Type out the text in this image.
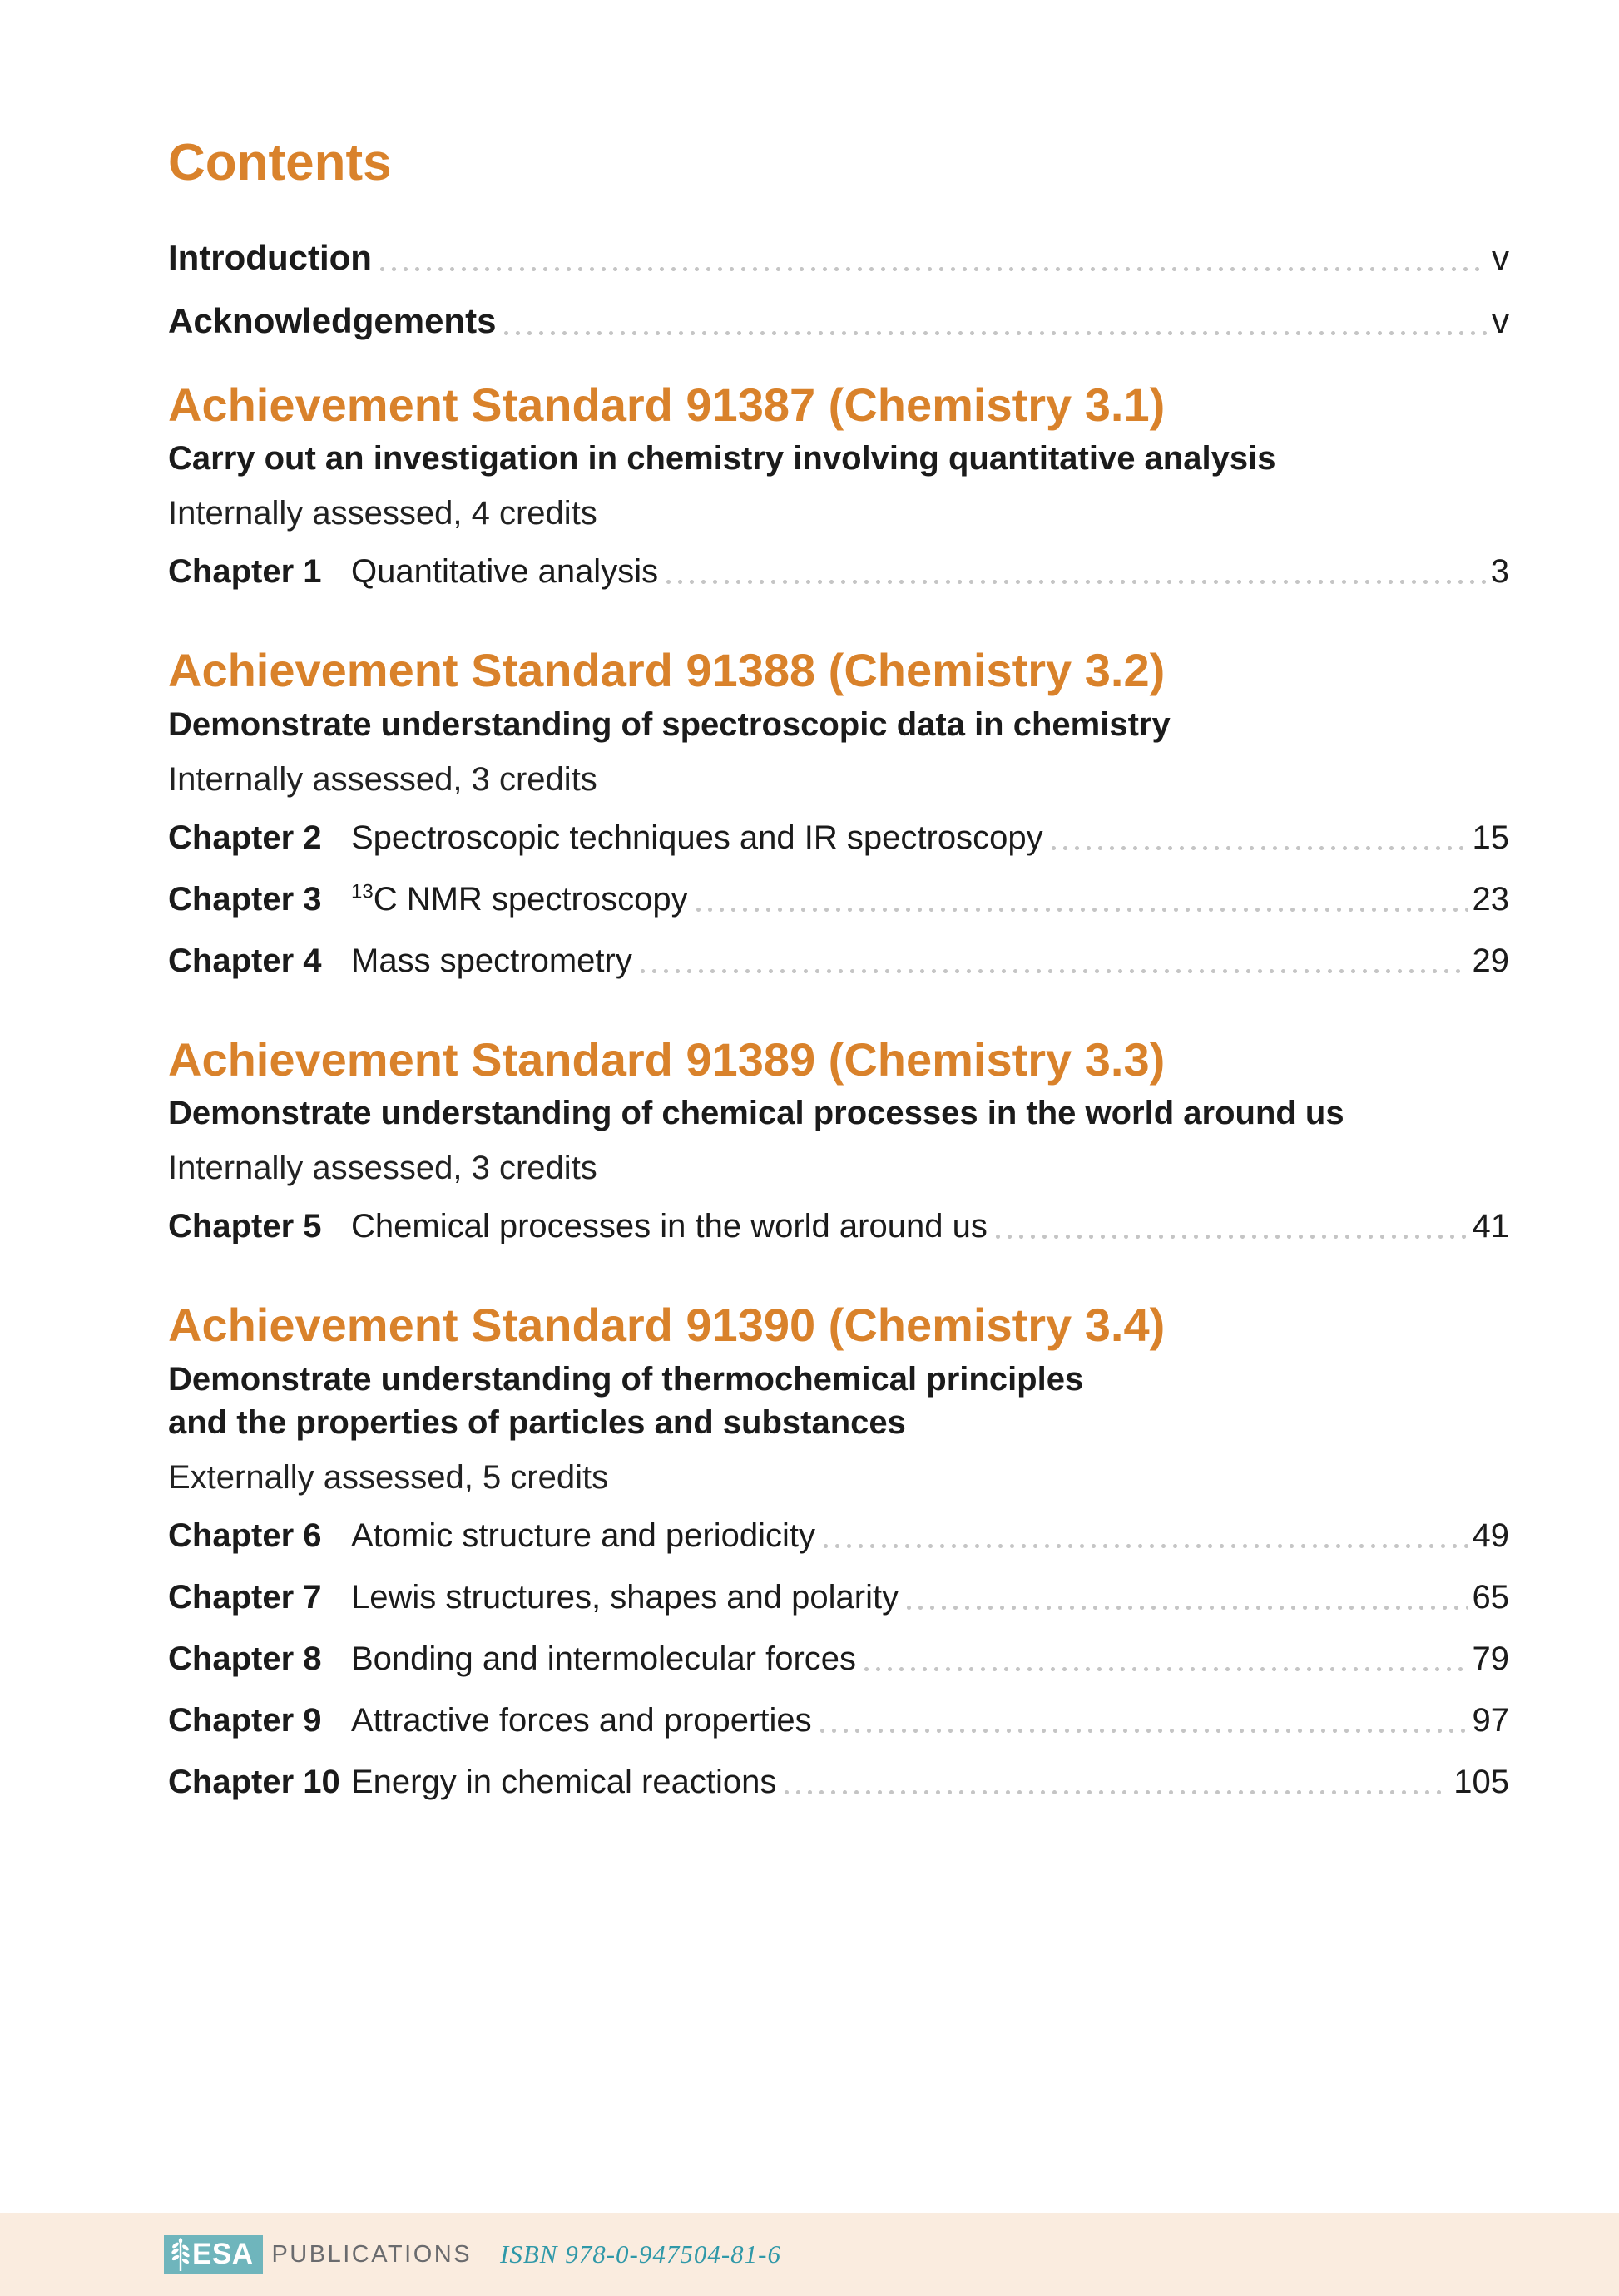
Contents
Introduction	v
Acknowledgements	v
Achievement Standard 91387 (Chemistry 3.1)
Carry out an investigation in chemistry involving quantitative analysis
Internally assessed, 4 credits
Chapter 1 Quantitative analysis	3
Achievement Standard 91388 (Chemistry 3.2)
Demonstrate understanding of spectroscopic data in chemistry
Internally assessed, 3 credits
Chapter 2 Spectroscopic techniques and IR spectroscopy	15
Chapter 3	$^{13}$C NMR spectroscopy	23
Chapter 4 Mass spectrometry	29
Achievement Standard 91389 (Chemistry 3.3)
Demonstrate understanding of chemical processes in the world around us
Internally assessed, 3 credits
Chapter 5 Chemical processes in the world around us	41
Achievement Standard 91390 (Chemistry 3.4)
Demonstrate understanding of thermochemical principles
and the properties of particles and substances
Externally assessed, 5 credits
Chapter 6 Atomic structure and periodicity	49
Chapter 7 Lewis structures, shapes and polarity	65
Chapter 8 Bonding and intermolecular forces	79
Chapter 9 Attractive forces and properties	97
Chapter 10 Energy in chemical reactions	105
ESA PUBLICATIONS ISBN 978-0-947504-81-6
